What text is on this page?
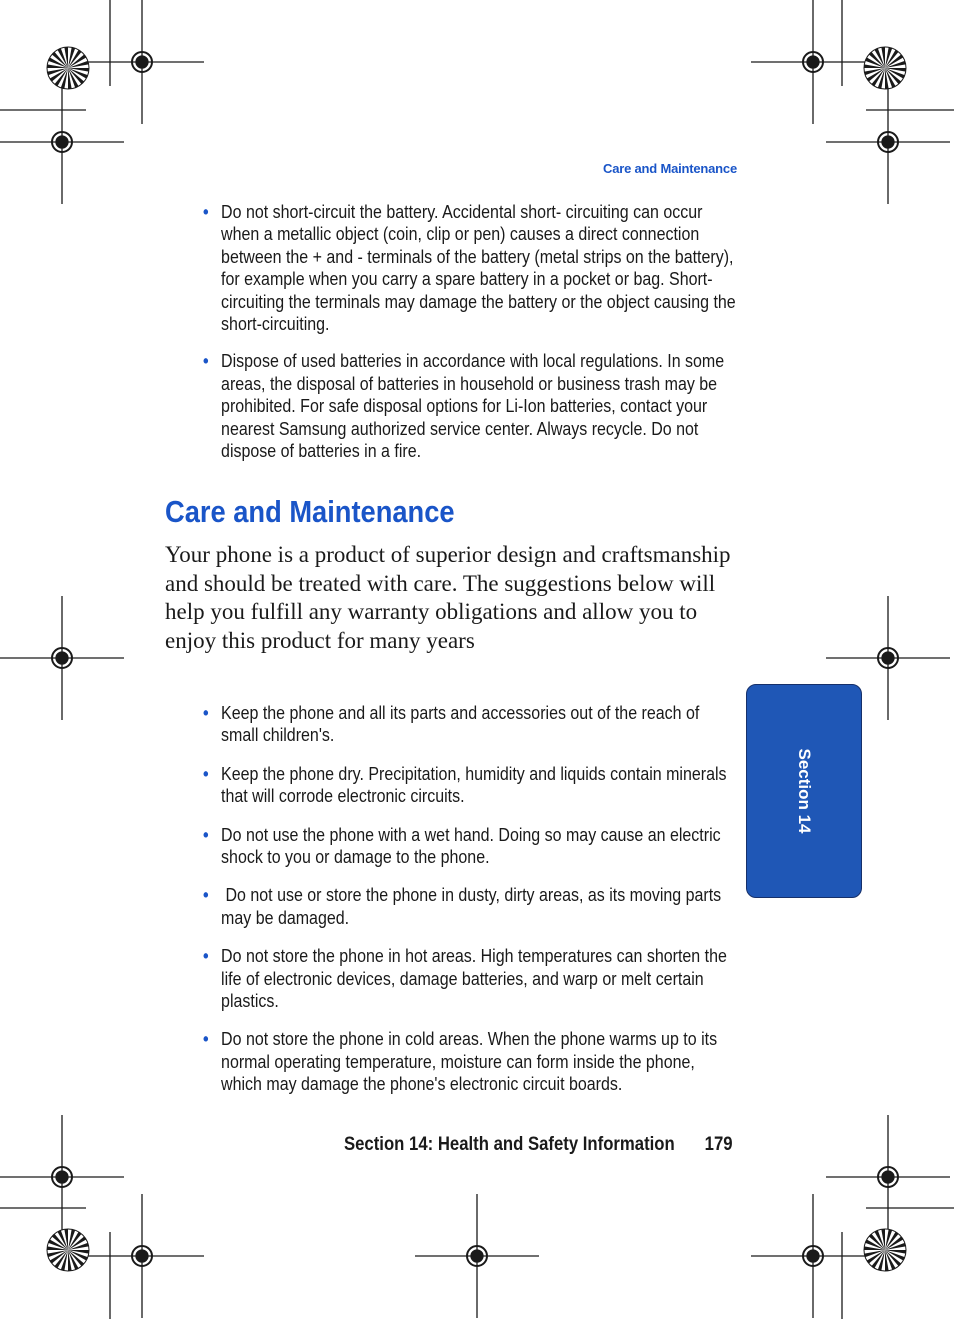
Care and Maintenance
• Do not short-circuit the battery. Accidental short- circuiting can occur when a metallic object (coin, clip or pen) causes a direct connection between the + and - terminals of the battery (metal strips on the battery), for example when you carry a spare battery in a pocket or bag. Short-circuiting the terminals may damage the battery or the object causing the short-circuiting.
• Dispose of used batteries in accordance with local regulations. In some areas, the disposal of batteries in household or business trash may be prohibited. For safe disposal options for Li-Ion batteries, contact your nearest Samsung authorized service center. Always recycle. Do not dispose of batteries in a fire.
Care and Maintenance

Your phone is a product of superior design and craftsmanship and should be treated with care. The suggestions below will help you fulfill any warranty obligations and allow you to enjoy this product for many years

• Keep the phone and all its parts and accessories out of the reach of small children's.
• Keep the phone dry. Precipitation, humidity and liquids contain minerals that will corrode electronic circuits.
• Do not use the phone with a wet hand. Doing so may cause an electric shock to you or damage to the phone.
• Do not use or store the phone in dusty, dirty areas, as its moving parts may be damaged.
• Do not store the phone in hot areas. High temperatures can shorten the life of electronic devices, damage batteries, and warp or melt certain plastics.
• Do not store the phone in cold areas. When the phone warms up to its normal operating temperature, moisture can form inside the phone, which may damage the phone's electronic circuit boards.
Section 14
Section 14: Health and Safety Information 179
